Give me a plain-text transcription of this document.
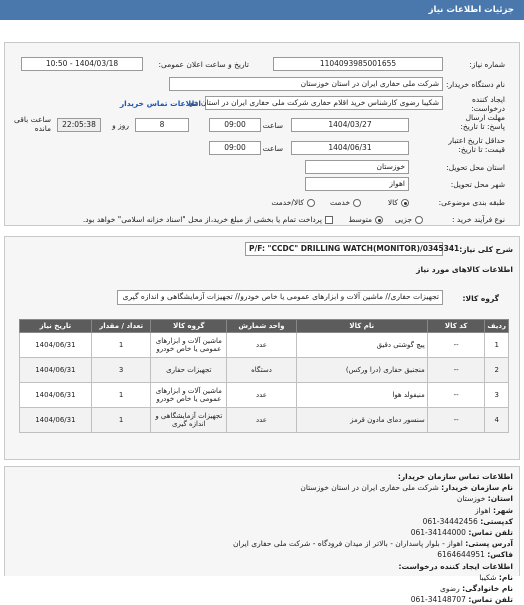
جزئیات اطلاعات نیاز
شماره نیاز:
1104093985001655
تاریخ و ساعت اعلان عمومی:
1404/03/18 - 10:50
نام دستگاه خریدار:
شرکت ملی حفاری ایران در استان خوزستان
ایجاد کننده درخواست:
شکیبا رضوی کارشناس خرید اقلام حفاری شرکت ملی حفاری ایران در استان خو
اطلاعات تماس خریدار
مهلت ارسال پاسخ: تا تاریخ:
1404/03/27
ساعت
09:00
8
روز و
22:05:38
ساعت باقی مانده
حداقل تاریخ اعتبار قیمت: تا تاریخ:
1404/06/31
ساعت
09:00
استان محل تحویل:
خوزستان
شهر محل تحویل:
اهواز
طبقه بندی موضوعی:
کالا
خدمت
کالا/خدمت
نوع فرآیند خرید :
جزیی
متوسط
پرداخت تمام یا بخشی از مبلغ خرید،از محل "اسناد خزانه اسلامی" خواهد بود.
شرح کلی نیاز:
P/F: "CCDC" DRILLING WATCH(MONITOR)/0345341
اطلاعات کالاهای مورد نیاز
گروه کالا:
تجهیزات حفاری// ماشین آلات و ابزارهای عمومی یا خاص خودرو// تجهیزات آزمایشگاهی و اندازه گیری
ردیف	کد کالا	نام کالا	واحد شمارش	گروه کالا	تعداد / مقدار	تاریخ نیاز
1	--	پیچ گوشتی دقیق	عدد	ماشین آلات و ابزارهای عمومی یا خاص خودرو	1	1404/06/31
2	--	منجنیق حفاری (درا ورکس)	دستگاه	تجهیزات حفاری	3	1404/06/31
3	--	منیفولد هوا	عدد	ماشین آلات و ابزارهای عمومی یا خاص خودرو	1	1404/06/31
4	--	سنسور دمای مادون قرمز	عدد	تجهیزات آزمایشگاهی و اندازه گیری	1	1404/06/31
اطلاعات تماس سازمان خریدار:
نام سازمان خریدار: شرکت ملی حفاری ایران در استان خوزستان
استان: خوزستان
شهر: اهواز
کدپستی: 34442456-061
تلفن تماس: 34144000-061
آدرس پستی: اهواز - بلوار پاسداران - بالاتر از میدان فرودگاه - شرکت ملی حفاری ایران
فاکس: 6164644951
اطلاعات ایجاد کننده درخواست:
نام: شکیبا
نام خانوادگی: رضوی
تلفن تماس: 34148707-061
